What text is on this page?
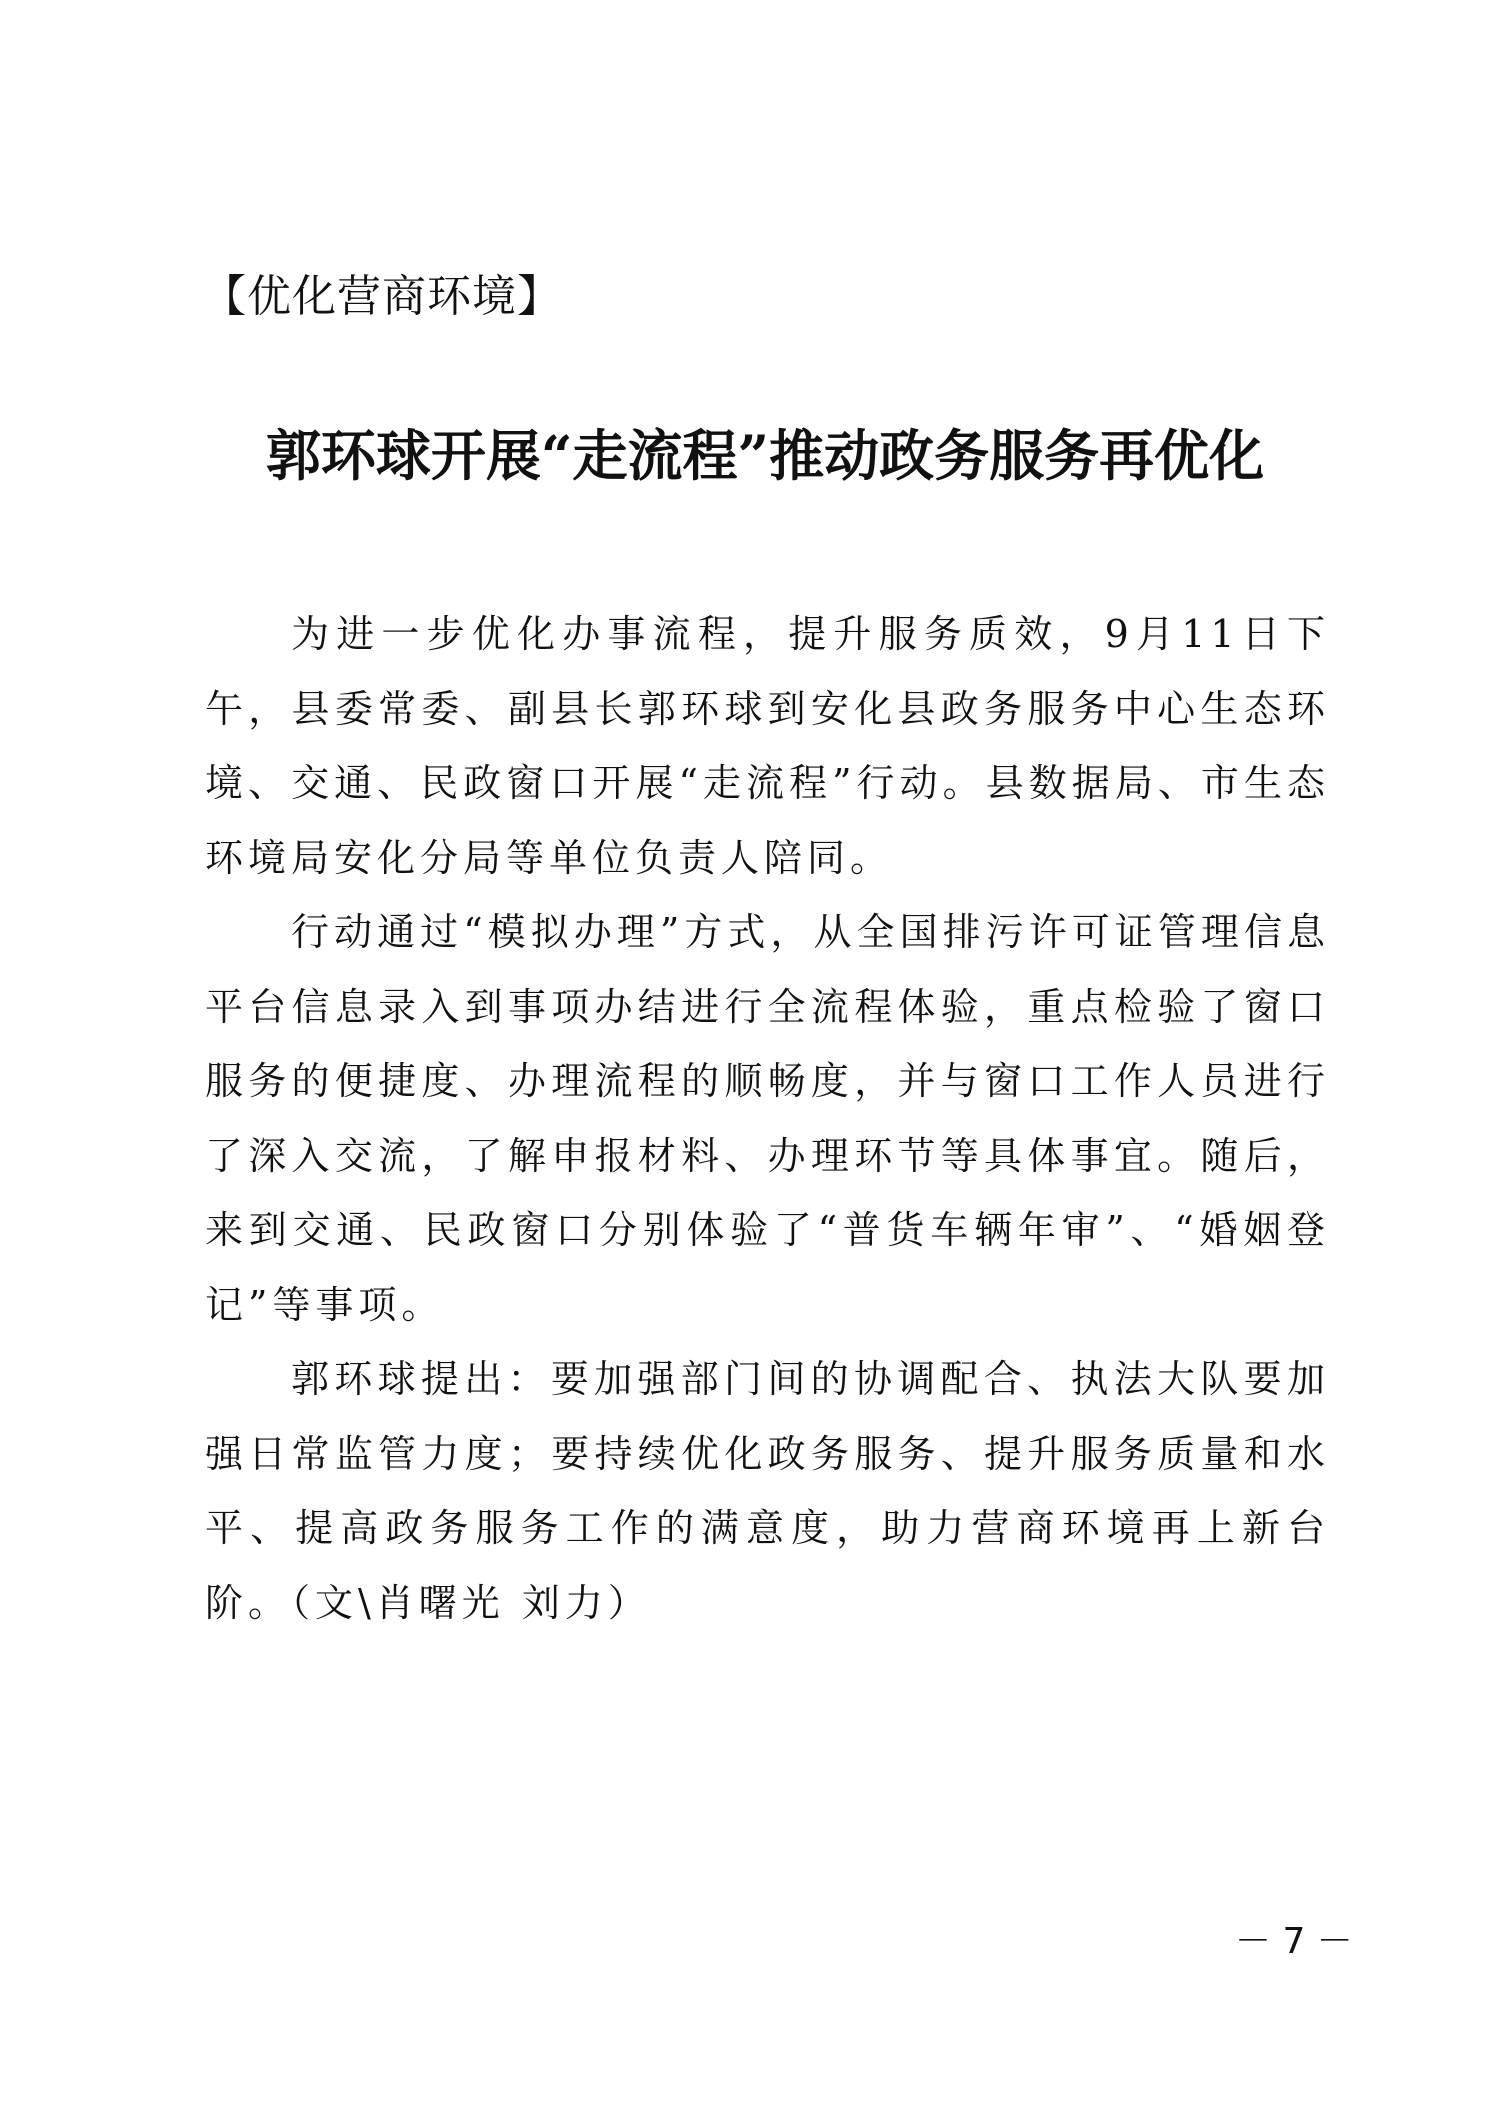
【优化营商环境】
郭环球开展“走流程”推动政务服务再优化

为进一步优化办事流程，提升服务质效，9月11日下午，县委常委、副县长郭环球到安化县政务服务中心生态环境、交通、民政窗口开展“走流程”行动。县数据局、市生态环境局安化分局等单位负责人陪同。

行动通过“模拟办理”方式，从全国排污许可证管理信息平台信息录入到事项办结进行全流程体验，重点检验了窗口服务的便捷度、办理流程的顺畅度，并与窗口工作人员进行了深入交流，了解申报材料、办理环节等具体事宜。随后，来到交通、民政窗口分别体验了“普货车辆年审”、“婚姻登记”等事项。

郭环球提出：要加强部门间的协调配合、执法大队要加强日常监管力度；要持续优化政务服务、提升服务质量和水平、提高政务服务工作的满意度，助力营商环境再上新台阶。（文\肖曙光 刘力）

－ 7 －
